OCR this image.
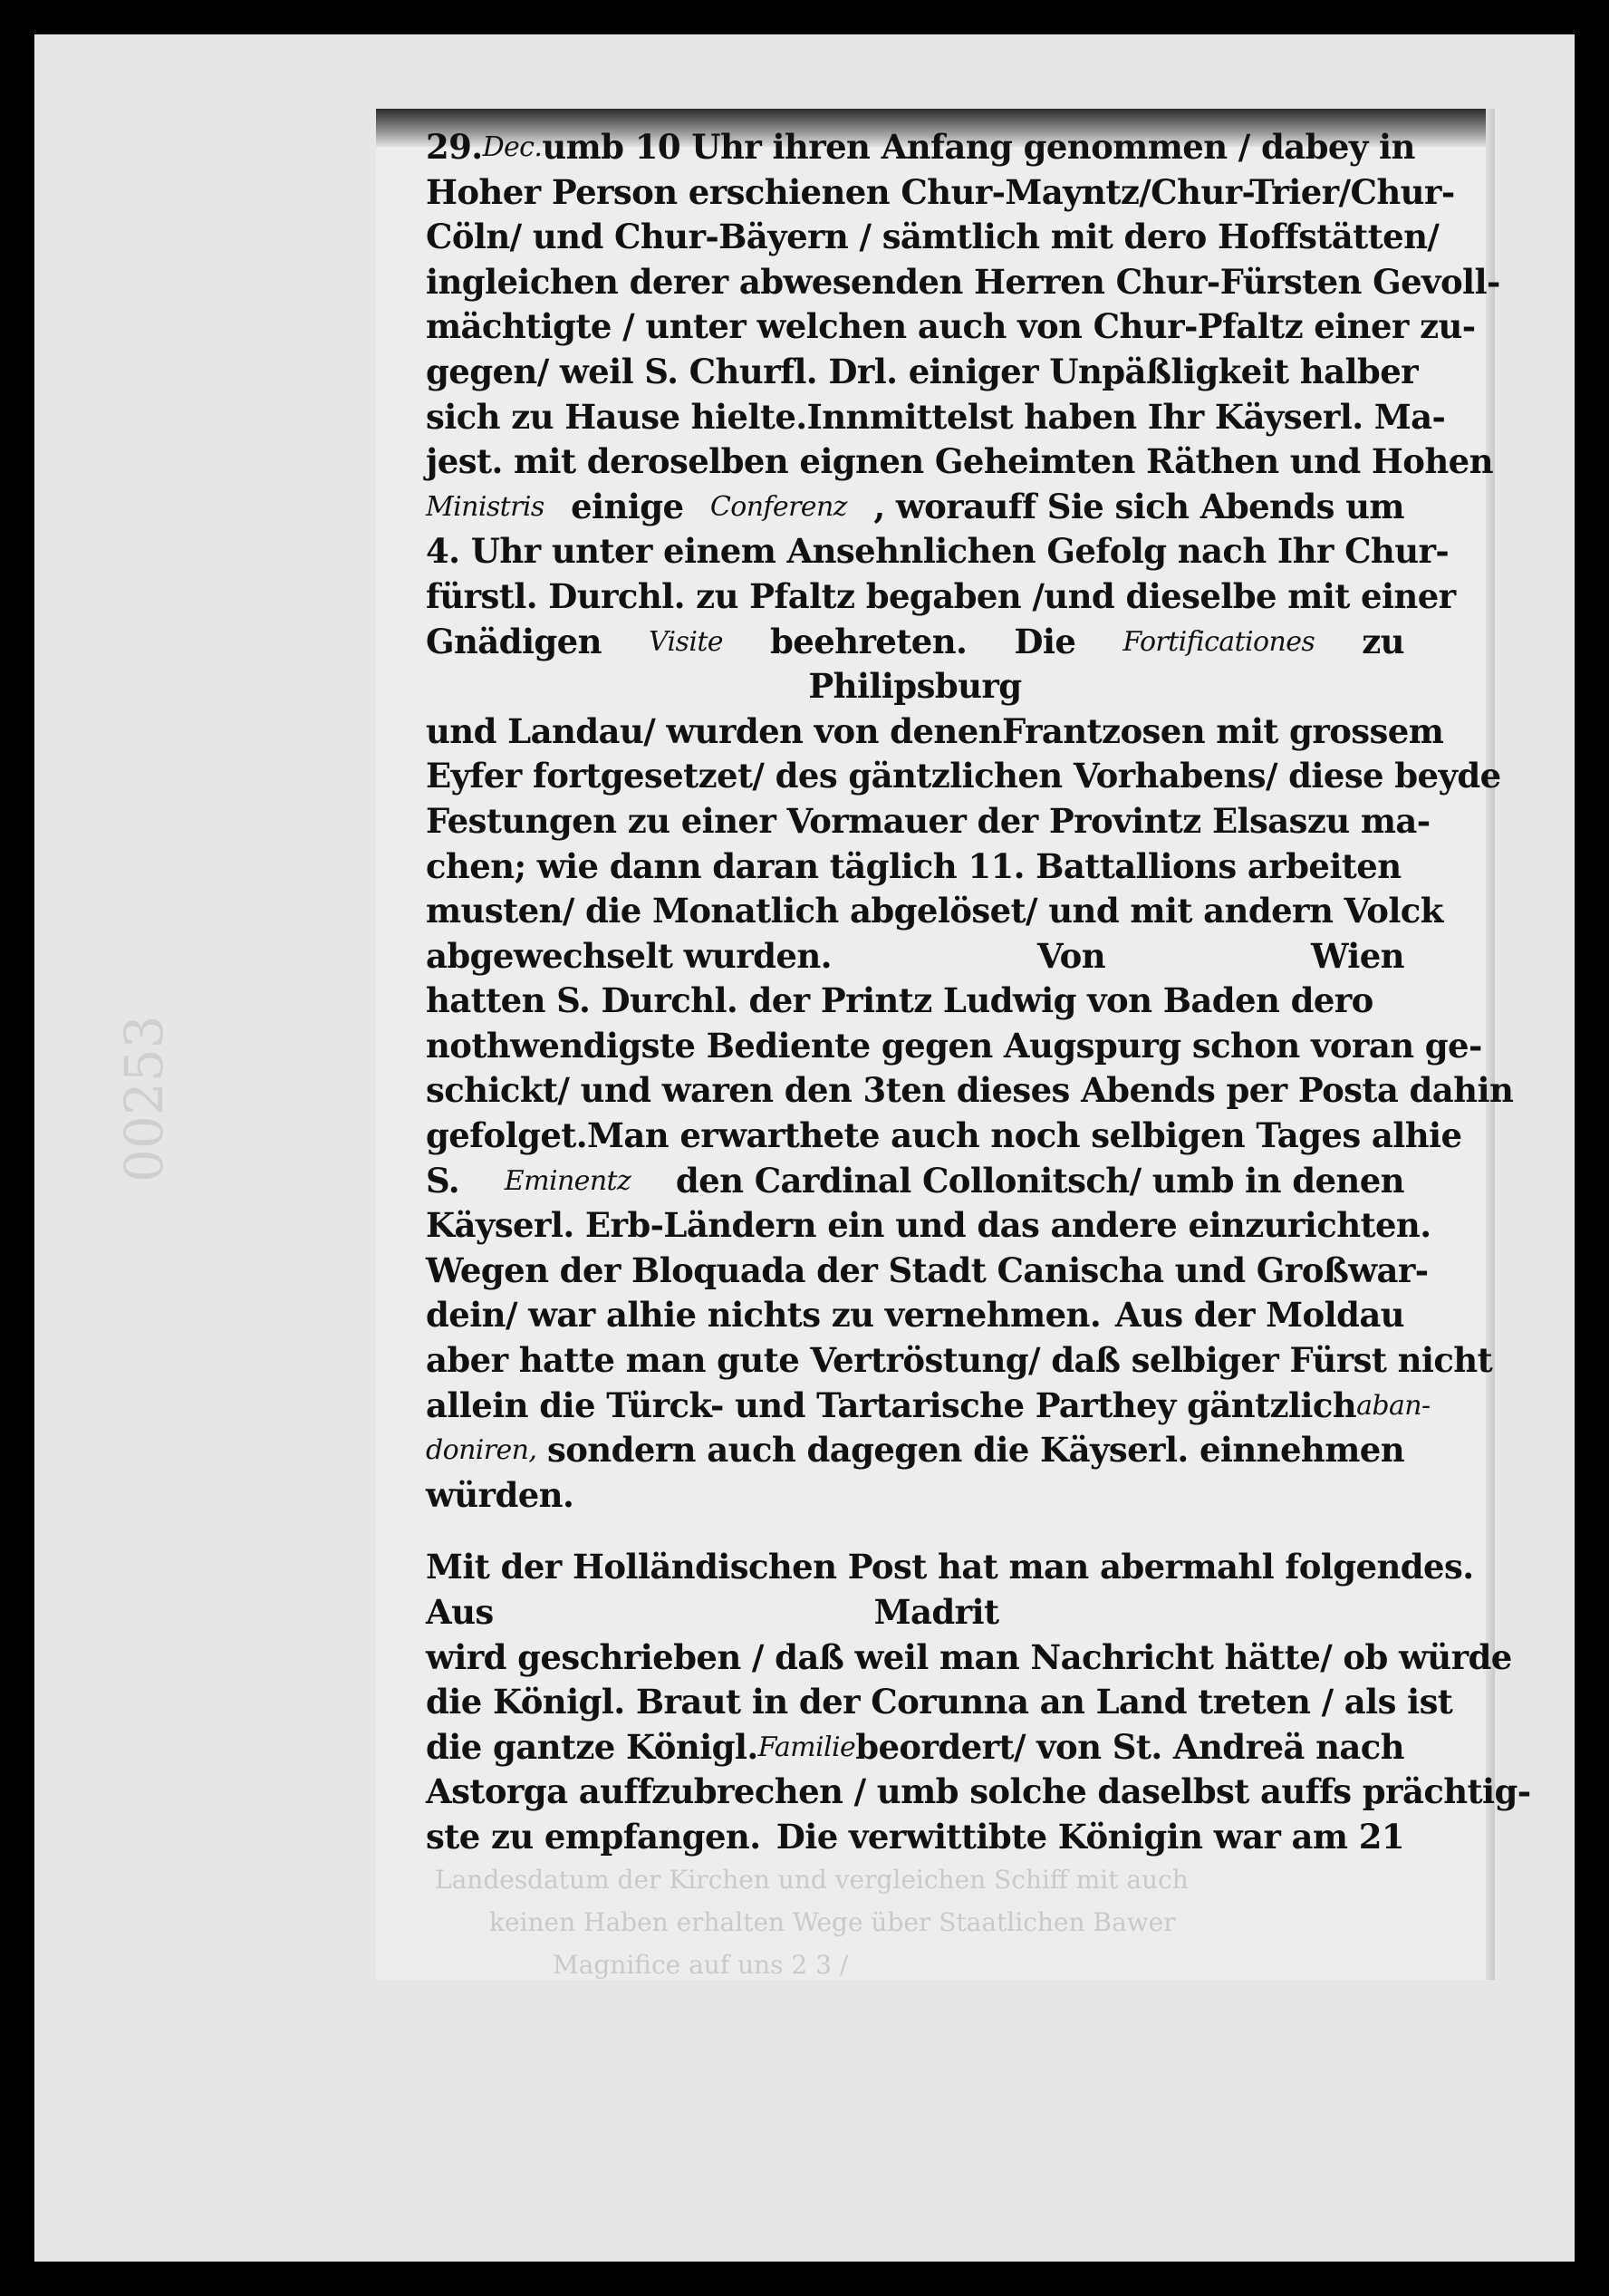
Landesdatum der Kirchen und vergleichen Schiff mit auch
keinen Haben erhalten Wege über Staatlichen Bawer
Magnifice auf uns 2 3 /
29. Dec. umb 10 Uhr ihren Anfang genommen / dabey in
Hoher Person erschienen Chur-Mayntz/Chur-Trier/Chur-
Cöln/ und Chur-Bäyern / sämtlich mit dero Hoffstätten/
ingleichen derer abwesenden Herren Chur-Fürsten Gevoll-
mächtigte / unter welchen auch von Chur-Pfaltz einer zu-
gegen/ weil S. Churfl. Drl. einiger Unpäßligkeit halber
sich zu Hause hielte. Innmittelst haben Ihr Käyserl. Ma-
jest. mit deroselben eignen Geheimten Räthen und Hohen
Ministris einige Conferenz , worauff Sie sich Abends um
4. Uhr unter einem Ansehnlichen Gefolg nach Ihr Chur-
fürstl. Durchl. zu Pfaltz begaben / und dieselbe mit einer
Gnädigen Visite beehreten. Die Fortificationes zu
Philipsburg
und Landau/ wurden von denen Frantzosen mit grossem
Eyfer fortgesetzet/ des gäntzlichen Vorhabens/ diese beyde
Festungen zu einer Vormauer der Provintz Elsas zu ma-
chen; wie dann daran täglich 11. Battallions arbeiten
musten/ die Monatlich abgelöset/ und mit andern Volck
abgewechselt wurden.	Von	Wien
hatten S. Durchl. der Printz Ludwig von Baden dero
nothwendigste Bediente gegen Augspurg schon voran ge-
schickt/ und waren den 3ten dieses Abends per Posta dahin
gefolget. Man erwarthete auch noch selbigen Tages alhie
S. Eminentz den Cardinal Collonitsch/ umb in denen
Käyserl. Erb-Ländern ein und das andere einzurichten.
Wegen der Bloquada der Stadt Canischa und Großwar-
dein/ war alhie nichts zu vernehmen. Aus der Moldau
aber hatte man gute Vertröstung/ daß selbiger Fürst nicht
allein die Türck- und Tartarische Parthey gäntzlich aban-
doniren, sondern auch dagegen die Käyserl. einnehmen
würden.
Mit der Holländischen Post hat man abermahl folgendes.
Aus	Madrit
wird geschrieben / daß weil man Nachricht hätte/ ob würde
die Königl. Braut in der Corunna an Land treten / als ist
die gantze Königl. Familie beordert/ von St. Andreä nach
Astorga auffzubrechen / umb solche daselbst auffs prächtig-
ste zu empfangen. Die verwittibte Königin war am 21
